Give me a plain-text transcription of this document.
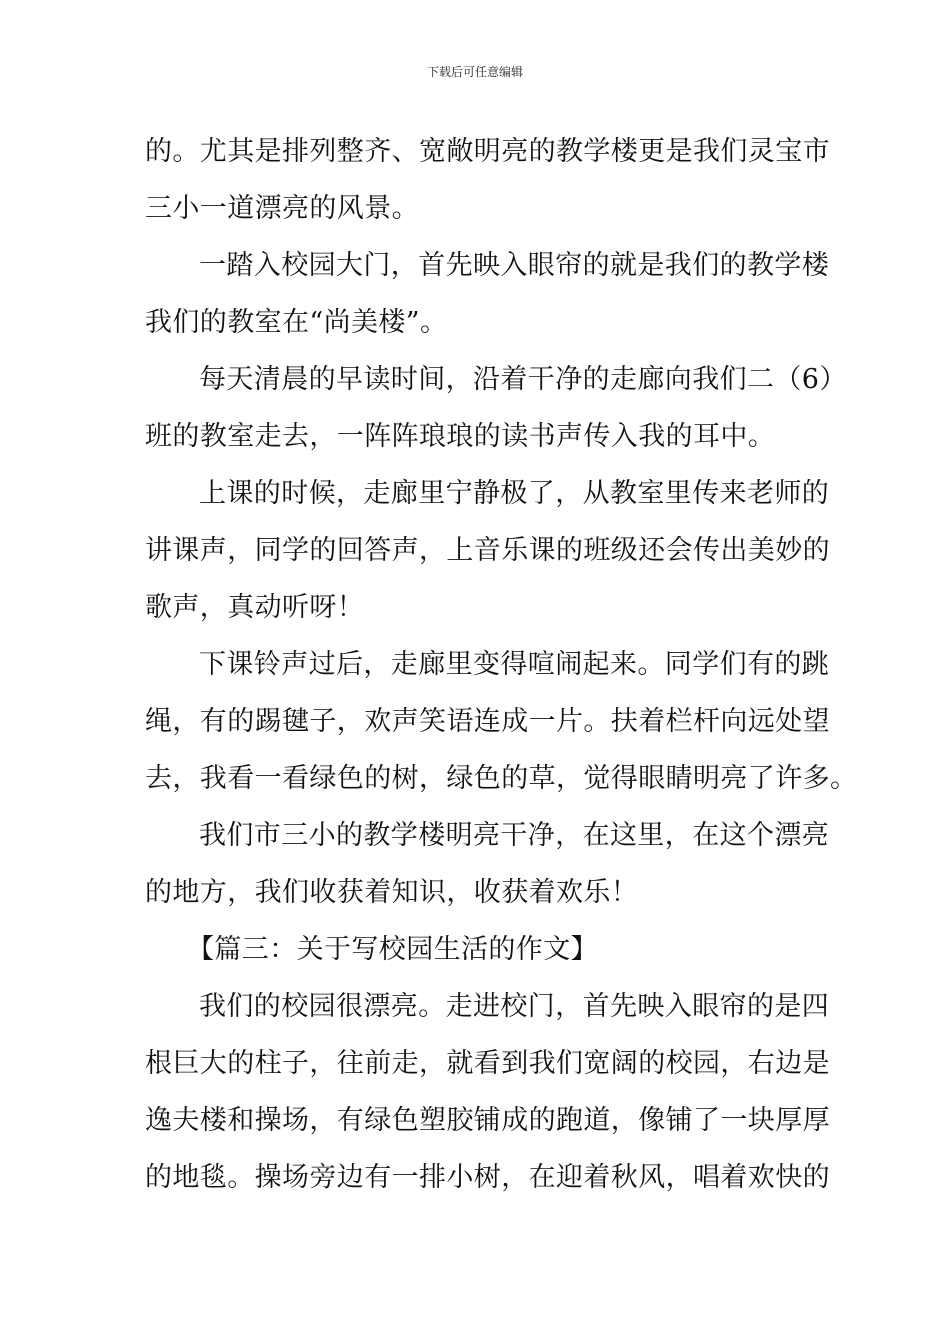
下载后可任意编辑
的。尤其是排列整齐、宽敞明亮的教学楼更是我们灵宝市
三小一道漂亮的风景。
一踏入校园大门，首先映入眼帘的就是我们的教学楼
我们的教室在“尚美楼”。
每天清晨的早读时间，沿着干净的走廊向我们二（6）
班的教室走去，一阵阵琅琅的读书声传入我的耳中。
上课的时候，走廊里宁静极了，从教室里传来老师的
讲课声，同学的回答声，上音乐课的班级还会传出美妙的
歌声，真动听呀！
下课铃声过后，走廊里变得喧闹起来。同学们有的跳
绳，有的踢毽子，欢声笑语连成一片。扶着栏杆向远处望
去，我看一看绿色的树，绿色的草，觉得眼睛明亮了许多。
我们市三小的教学楼明亮干净，在这里，在这个漂亮
的地方，我们收获着知识，收获着欢乐！
【篇三：关于写校园生活的作文】
我们的校园很漂亮。走进校门，首先映入眼帘的是四
根巨大的柱子，往前走，就看到我们宽阔的校园，右边是
逸夫楼和操场，有绿色塑胶铺成的跑道，像铺了一块厚厚
的地毯。操场旁边有一排小树，在迎着秋风，唱着欢快的
